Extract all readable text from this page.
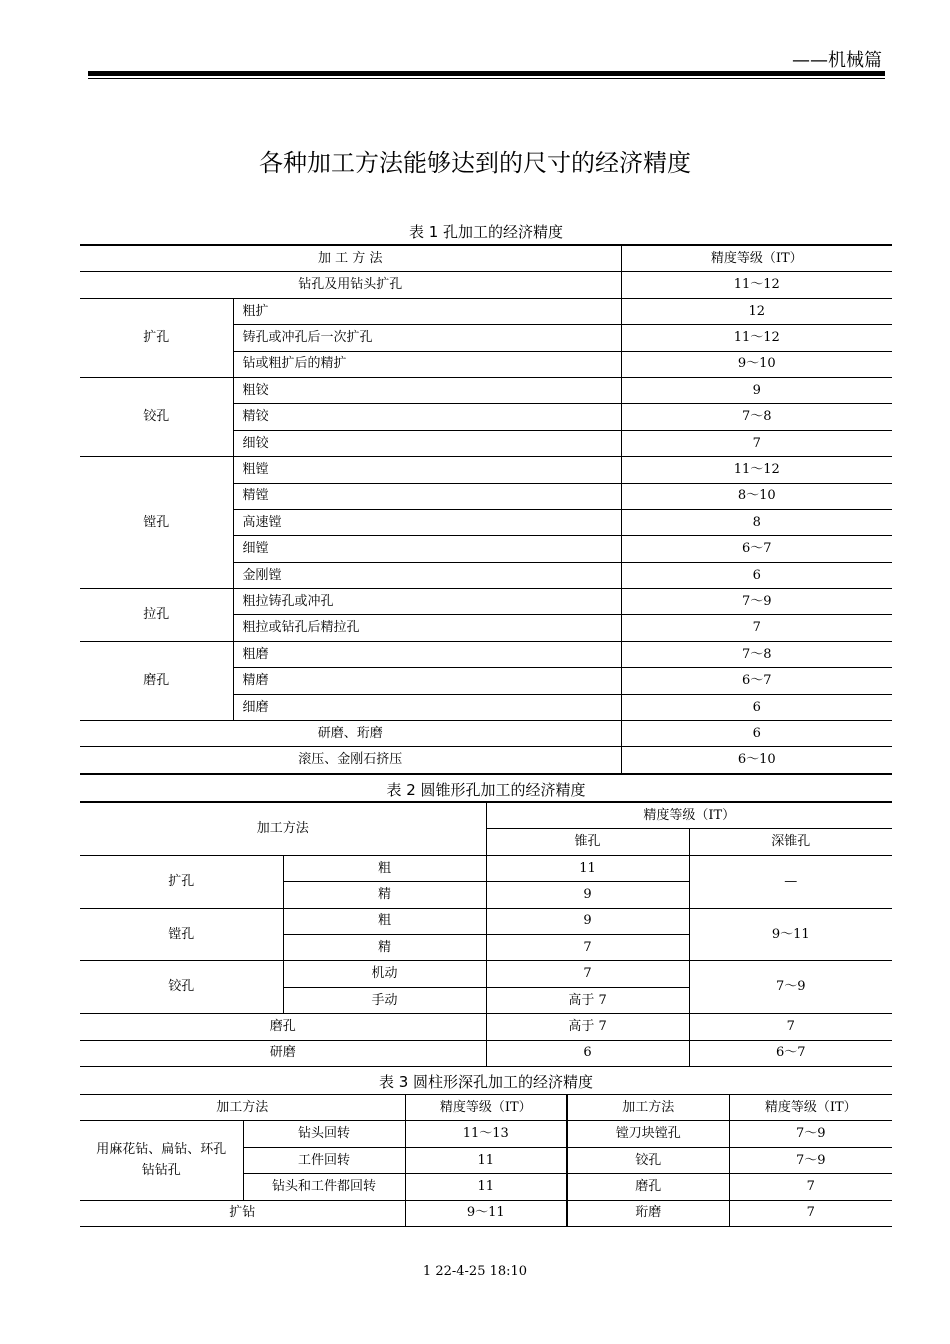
——机械篇
各种加工方法能够达到的尺寸的经济精度
表 1 孔加工的经济精度
加 工 方 法		精度等级（IT）
钻孔及用钻头扩孔		11～12
扩孔	粗扩	12
	铸孔或冲孔后一次扩孔	11～12
	钻或粗扩后的精扩	9～10
铰孔	粗铰	9
	精铰	7～8
	细铰	7
镗孔	粗镗	11～12
	精镗	8～10
	高速镗	8
	细镗	6～7
	金刚镗	6
拉孔	粗拉铸孔或冲孔	7～9
	粗拉或钻孔后精拉孔	7
磨孔	粗磨	7～8
	精磨	6～7
	细磨	6
研磨、珩磨		6
滚压、金刚石挤压		6～10
表 2 圆锥形孔加工的经济精度
加工方法		精度等级（IT）	
		锥孔	深锥孔
扩孔	粗	11	—
	精	9	
镗孔	粗	9	9～11
	精	7	
铰孔	机动	7	7～9
	手动	高于 7	
磨孔		高于 7	7
研磨		6	6～7
表 3 圆柱形深孔加工的经济精度
加工方法		精度等级（IT）	加工方法	精度等级（IT）

用麻花钻、扁钻、环孔
钻钻孔	钻头回转	11～13	镗刀块镗孔	7～9
	工件回转	11	铰孔	7～9
	钻头和工件都回转	11	磨孔	7
扩钻		9～11	珩磨	7
1 22-4-25 18:10
